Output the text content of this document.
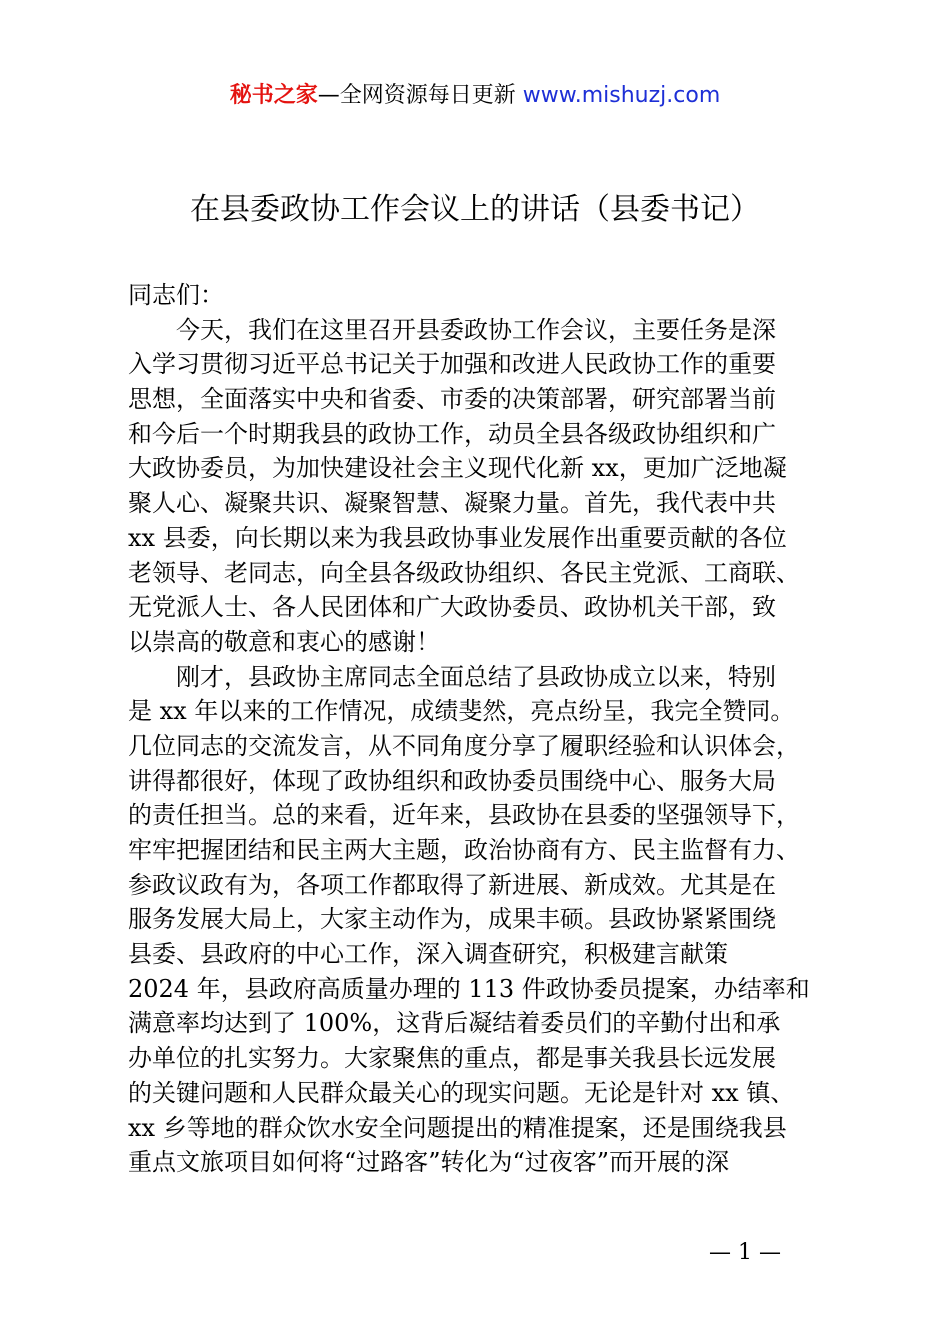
秘书之家—全网资源每日更新 www.mishuzj.com
在县委政协工作会议上的讲话（县委书记）
同志们：
今天，我们在这里召开县委政协工作会议，主要任务是深
入学习贯彻习近平总书记关于加强和改进人民政协工作的重要
思想，全面落实中央和省委、市委的决策部署，研究部署当前
和今后一个时期我县的政协工作，动员全县各级政协组织和广
大政协委员，为加快建设社会主义现代化新 xx，更加广泛地凝
聚人心、凝聚共识、凝聚智慧、凝聚力量。首先，我代表中共
xx 县委，向长期以来为我县政协事业发展作出重要贡献的各位
老领导、老同志，向全县各级政协组织、各民主党派、工商联、
无党派人士、各人民团体和广大政协委员、政协机关干部，致
以崇高的敬意和衷心的感谢！
刚才，县政协主席同志全面总结了县政协成立以来，特别
是 xx 年以来的工作情况，成绩斐然，亮点纷呈，我完全赞同。
几位同志的交流发言，从不同角度分享了履职经验和认识体会，
讲得都很好，体现了政协组织和政协委员围绕中心、服务大局
的责任担当。总的来看，近年来，县政协在县委的坚强领导下，
牢牢把握团结和民主两大主题，政治协商有方、民主监督有力、
参政议政有为，各项工作都取得了新进展、新成效。尤其是在
服务发展大局上，大家主动作为，成果丰硕。县政协紧紧围绕
县委、县政府的中心工作，深入调查研究，积极建言献策
2024 年，县政府高质量办理的 113 件政协委员提案，办结率和
满意率均达到了 100%，这背后凝结着委员们的辛勤付出和承
办单位的扎实努力。大家聚焦的重点，都是事关我县长远发展
的关键问题和人民群众最关心的现实问题。无论是针对 xx 镇、
xx 乡等地的群众饮水安全问题提出的精准提案，还是围绕我县
重点文旅项目如何将“过路客”转化为“过夜客”而开展的深
— 1 —
